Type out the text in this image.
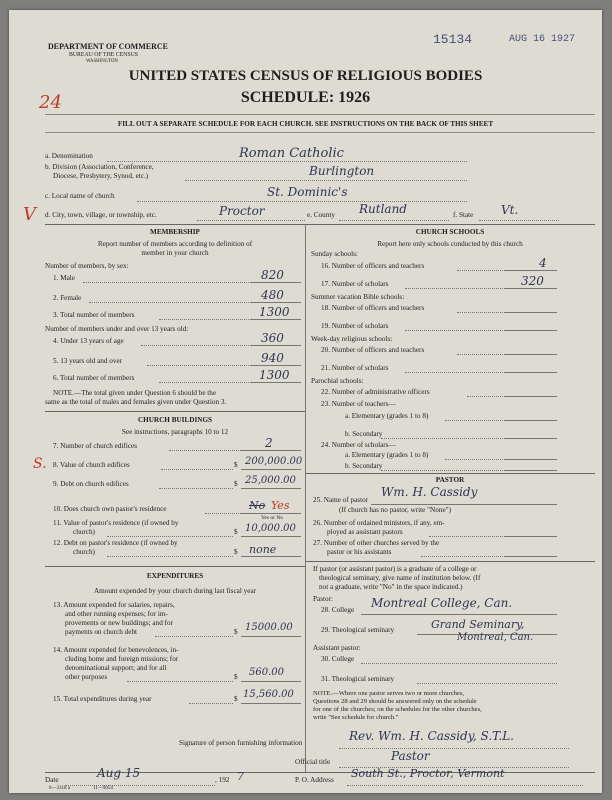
15134	AUG 16 1927
DEPARTMENT OF COMMERCE
BUREAU OF THE CENSUS
WASHINGTON
UNITED STATES CENSUS OF RELIGIOUS BODIES
SCHEDULE: 1926
24
FILL OUT A SEPARATE SCHEDULE FOR EACH CHURCH. SEE INSTRUCTIONS ON THE BACK OF THIS SHEET
a. Denomination	Roman Catholic
b. Division (Association, Conference,
Diocese, Presbytery, Synod, etc.)	Burlington
c. Local name of church	St. Dominic's
V d. City, town, village, or township, etc.	Proctor	e. County Rutland	f. State Vt.
MEMBERSHIP
Report number of members according to definition of
member in your church
Number of members, by sex:
1. Male	820
2. Female	480
3. Total number of members	1300
Number of members under and over 13 years old:
4. Under 13 years of age	360
5. 13 years old and over	940
6. Total number of members	1300
NOTE.—The total given under Question 6 should be the
same as the total of males and females given under Question 3.
CHURCH BUILDINGS
See instructions, paragraphs 10 to 12
S.
7. Number of church edifices	2
8. Value of church edifices	$ 200,000.00
9. Debt on church edifices	$ 25,000.00
10. Does church own pastor's residence	No Yes
Yes or No
11. Value of pastor's residence (if owned by
church)	$ 10,000.00
12. Debt on pastor's residence (if owned by
church)	$ none
EXPENDITURES
Amount expended by your church during last fiscal year
13. Amount expended for salaries, repairs,
and other running expenses; for im-
provements or new buildings; and for
payments on church debt	$ 15000.00
14. Amount expended for benevolences, in-
cluding home and foreign missions; for
denominational support; and for all
other purposes	$ 560.00
15. Total expenditures during year	$ 15,560.00
CHURCH SCHOOLS
Report here only schools conducted by this church
Sunday schools:
16. Number of officers and teachers	4
17. Number of scholars	320
Summer vacation Bible schools:
18. Number of officers and teachers
19. Number of scholars
Week-day religious schools:
20. Number of officers and teachers
21. Number of scholars
Parochial schools:
22. Number of administrative officers
23. Number of teachers—
a. Elementary (grades 1 to 8)
b. Secondary
24. Number of scholars—
a. Elementary (grades 1 to 8)
b. Secondary
PASTOR
25. Name of pastor
Wm. H. Cassidy
(If church has no pastor, write "None")
26. Number of ordained ministers, if any, em-
ployed as assistant pastors
27. Number of other churches served by the
pastor or his assistants
If pastor (or assistant pastor) is a graduate of a college or
theological seminary, give name of institution below. (If
not a graduate, write "No" in the space indicated.)
Pastor:
28. College Montreal College, Can.
29. Theological seminary	Grand Seminary,
Montreal, Can.
Assistant pastor:
30. College
31. Theological seminary
NOTE.—Where one pastor serves two or more churches,
Questions 28 and 29 should be answered only on the schedule
for one of the churches; on the schedules for the other churches,
write "See schedule for church."
Signature of person furnishing information	Rev. Wm. H. Cassidy, S.T.L.
Official title	Pastor
Date	Aug 15	, 192 7	P. O. Address South St., Proctor, Vermont
6—3318 a	11—9054
